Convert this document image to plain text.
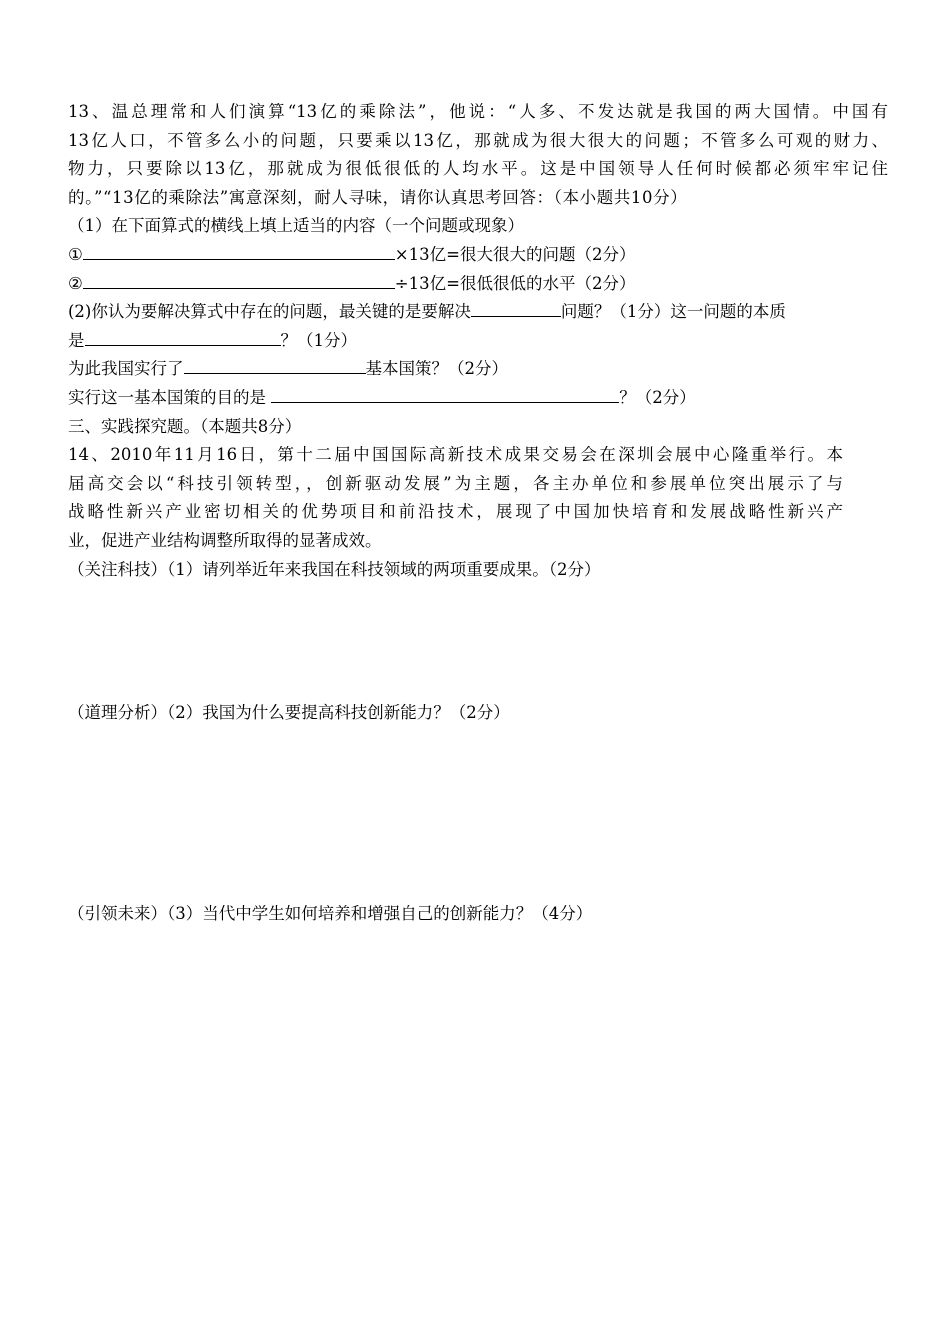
13、温总理常和人们演算“13亿的乘除法”，他说：“人多、不发达就是我国的两大国情。中国有
13亿人口，不管多么小的问题，只要乘以13亿，那就成为很大很大的问题；不管多么可观的财力、
物力，只要除以13亿，那就成为很低很低的人均水平。这是中国领导人任何时候都必须牢牢记住
的。”“13亿的乘除法”寓意深刻，耐人寻味，请你认真思考回答：（本小题共10分）
（1）在下面算式的横线上填上适当的内容（一个问题或现象）
①	×13亿=很大很大的问题（2分）
②	÷13亿=很低很低的水平（2分）
(2)你认为要解决算式中存在的问题，最关键的是要解决	问题？（1分）这一问题的本质
是	？（1分）
为此我国实行了	基本国策？（2分）
实行这一基本国策的目的是	？（2分）
三、实践探究题。（本题共8分）
14、2010年11月16日，第十二届中国国际高新技术成果交易会在深圳会展中心隆重举行。本
届高交会以“科技引领转型，，创新驱动发展”为主题，各主办单位和参展单位突出展示了与
战略性新兴产业密切相关的优势项目和前沿技术，展现了中国加快培育和发展战略性新兴产
业，促进产业结构调整所取得的显著成效。
（关注科技）（1）请列举近年来我国在科技领域的两项重要成果。（2分）
（道理分析）（2）我国为什么要提高科技创新能力？（2分）
（引领未来）（3）当代中学生如何培养和增强自己的创新能力？（4分）
